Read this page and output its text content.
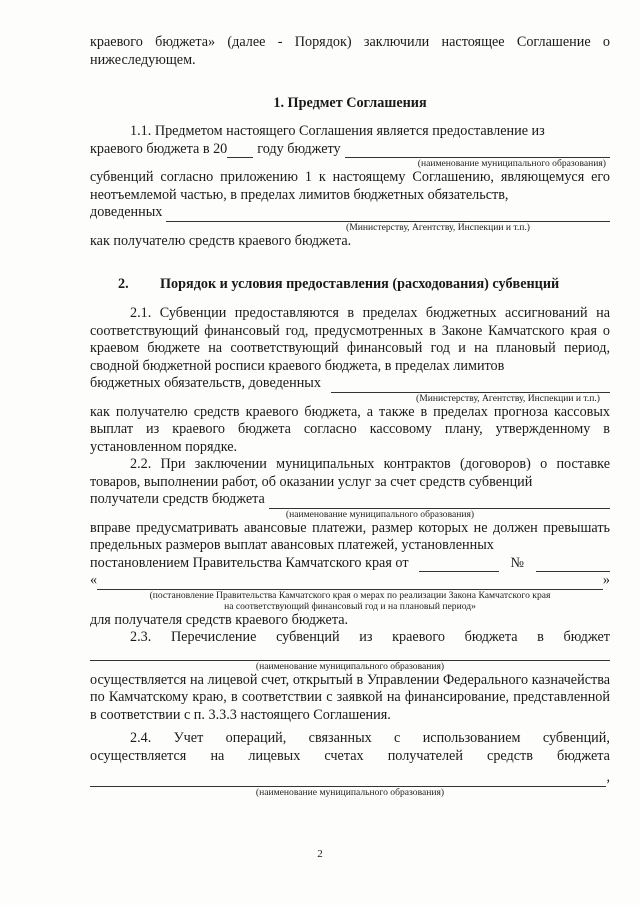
краевого бюджета» (далее - Порядок) заключили настоящее Соглашение о нижеследующем.

1. Предмет Соглашения

1.1. Предметом настоящего Соглашения является предоставление из

краевого бюджета в 20 году бюджету
(наименование муниципального образования)

субвенций согласно приложению 1 к настоящему Соглашению, являющемуся его неотъемлемой частью, в пределах лимитов бюджетных обязательств,

доведенных
(Министерству, Агентству, Инспекции и т.п.)

как получателю средств краевого бюджета.

2.	Порядок и условия предоставления (расходования) субвенций

2.1. Субвенции предоставляются в пределах бюджетных ассигнований на соответствующий финансовый год, предусмотренных в Законе Камчатского края о краевом бюджете на соответствующий финансовый год и на плановый период, сводной бюджетной росписи краевого бюджета, в пределах лимитов

бюджетных обязательств, доведенных
(Министерству, Агентству, Инспекции и т.п.)

как получателю средств краевого бюджета, а также в пределах прогноза кассовых выплат из краевого бюджета согласно кассовому плану, утвержденному в установленном порядке.

2.2. При заключении муниципальных контрактов (договоров) о поставке товаров, выполнении работ, об оказании услуг за счет средств субвенций

получатели средств бюджета
(наименование муниципального образования)

вправе предусматривать авансовые платежи, размер которых не должен превышать предельных размеров выплат авансовых платежей, установленных

постановлением Правительства Камчатского края от	№
«	»
(постановление Правительства Камчатского края о мерах по реализации Закона Камчатского края
на соответствующий финансовый год и на плановый период»

для получателя средств краевого бюджета.

2.3. Перечисление субвенций из краевого бюджета в бюджет
(наименование муниципального образования)

осуществляется на лицевой счет, открытый в Управлении Федерального казначейства по Камчатскому краю, в соответствии с заявкой на финансирование, представленной в соответствии с п. 3.3.3 настоящего Соглашения.

2.4. Учет операций, связанных с использованием субвенций,
осуществляется на лицевых счетах получателей средств бюджета
,
(наименование муниципального образования)
2
